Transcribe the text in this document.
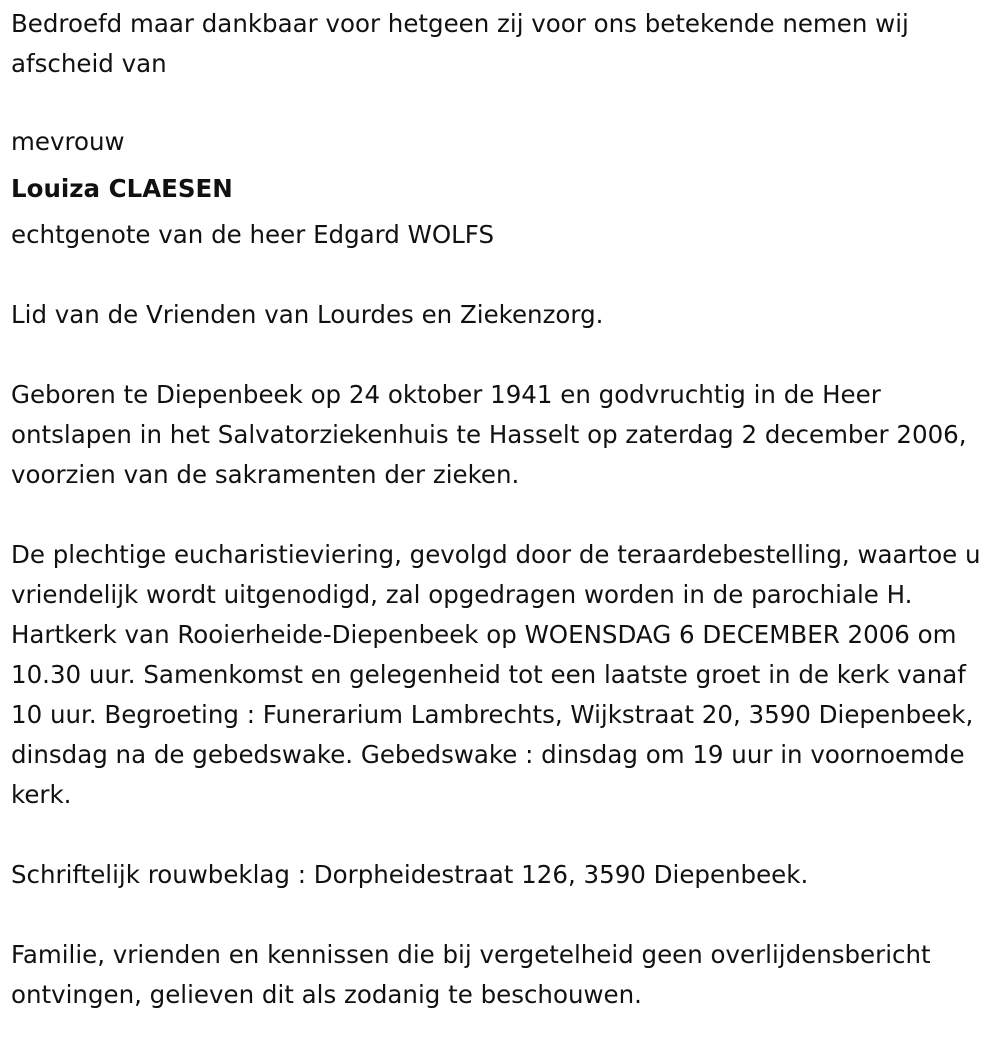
Bedroefd maar dankbaar voor hetgeen zij voor ons betekende nemen wij afscheid van

mevrouw

Louiza CLAESEN

echtgenote van de heer Edgard WOLFS

Lid van de Vrienden van Lourdes en Ziekenzorg.

Geboren te Diepenbeek op 24 oktober 1941 en godvruchtig in de Heer ontslapen in het Salvatorziekenhuis te Hasselt op zaterdag 2 december 2006, voorzien van de sakramenten der zieken.

De plechtige eucharistieviering, gevolgd door de teraardebestelling, waartoe u vriendelijk wordt uitgenodigd, zal opgedragen worden in de parochiale H. Hartkerk van Rooierheide-Diepenbeek op WOENSDAG 6 DECEMBER 2006 om 10.30 uur. Samenkomst en gelegenheid tot een laatste groet in de kerk vanaf 10 uur. Begroeting : Funerarium Lambrechts, Wijkstraat 20, 3590 Diepenbeek, dinsdag na de gebedswake. Gebedswake : dinsdag om 19 uur in voornoemde kerk.

Schriftelijk rouwbeklag : Dorpheidestraat 126, 3590 Diepenbeek.

Familie, vrienden en kennissen die bij vergetelheid geen overlijdensbericht ontvingen, gelieven dit als zodanig te beschouwen.
